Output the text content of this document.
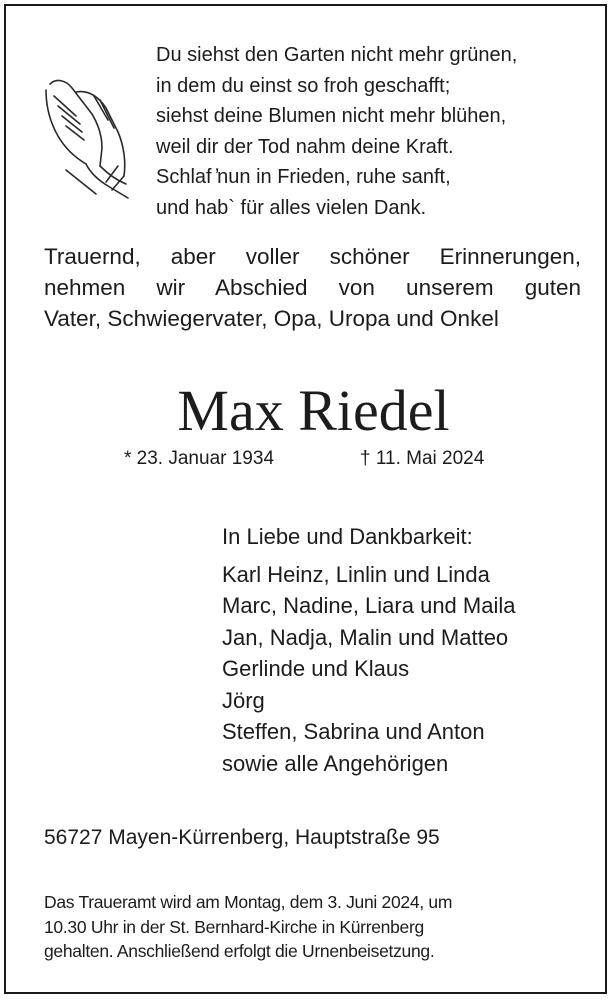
Du siehst den Garten nicht mehr grünen,
in dem du einst so froh geschafft;
siehst deine Blumen nicht mehr blühen,
weil dir der Tod nahm deine Kraft.
Schlaf ̕nun in Frieden, ruhe sanft,
und hab` für alles vielen Dank.
Trauernd, aber voller schöner Erinnerungen,
nehmen wir Abschied von unserem guten
Vater, Schwiegervater, Opa, Uropa und Onkel
Max Riedel
* 23. Januar 1934	† 11. Mai 2024
In Liebe und Dankbarkeit:
Karl Heinz, Linlin und Linda
Marc, Nadine, Liara und Maila
Jan, Nadja, Malin und Matteo
Gerlinde und Klaus
Jörg
Steffen, Sabrina und Anton
sowie alle Angehörigen
56727 Mayen-Kürrenberg, Hauptstraße 95
Das Traueramt wird am Montag, dem 3. Juni 2024, um
10.30 Uhr in der St. Bernhard-Kirche in Kürrenberg
gehalten. Anschließend erfolgt die Urnenbeisetzung.
